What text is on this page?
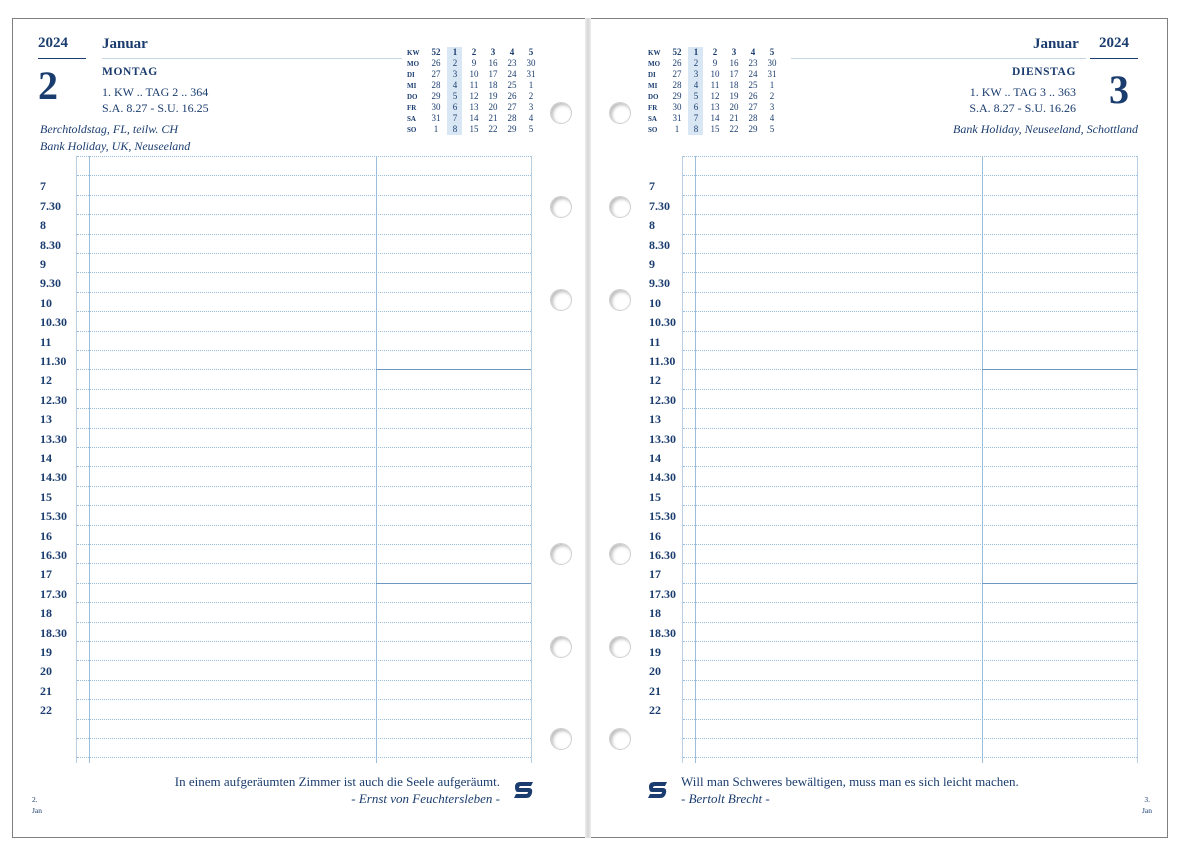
2024 Januar
2	MONTAG
1. KW .. TAG 2 .. 364
S.A. 8.27 - S.U. 16.25
Berchtoldstag, FL, teilw. CH
Bank Holiday, UK, Neuseeland
KW	52	1	2	3	4	5
MO	26	2	9	16	23	30
DI	27	3	10	17	24	31
MI	28	4	11	18	25	1
DO	29	5	12	19	26	2
FR	30	6	13	20	27	3
SA	31	7	14	21	28	4
SO	1	8	15	22	29	5
7
7.30
8
8.30
9
9.30
10
10.30
11
11.30
12
12.30
13
13.30
14
14.30
15
15.30
16
16.30
17
17.30
18
18.30
19
20
21
22
In einem aufgeräumten Zimmer ist auch die Seele aufgeräumt.
- Ernst von Feuchtersleben -
2.
Jan
Januar 2024
DIENSTAG
1. KW .. TAG 3 .. 363
S.A. 8.27 - S.U. 16.26 3
Bank Holiday, Neuseeland, Schottland
KW	52	1	2	3	4	5
MO	26	2	9	16	23	30
DI	27	3	10	17	24	31
MI	28	4	11	18	25	1
DO	29	5	12	19	26	2
FR	30	6	13	20	27	3
SA	31	7	14	21	28	4
SO	1	8	15	22	29	5
7
7.30
8
8.30
9
9.30
10
10.30
11
11.30
12
12.30
13
13.30
14
14.30
15
15.30
16
16.30
17
17.30
18
18.30
19
20
21
22
Will man Schweres bewältigen, muss man es sich leicht machen.
- Bertolt Brecht -	3.
Jan
